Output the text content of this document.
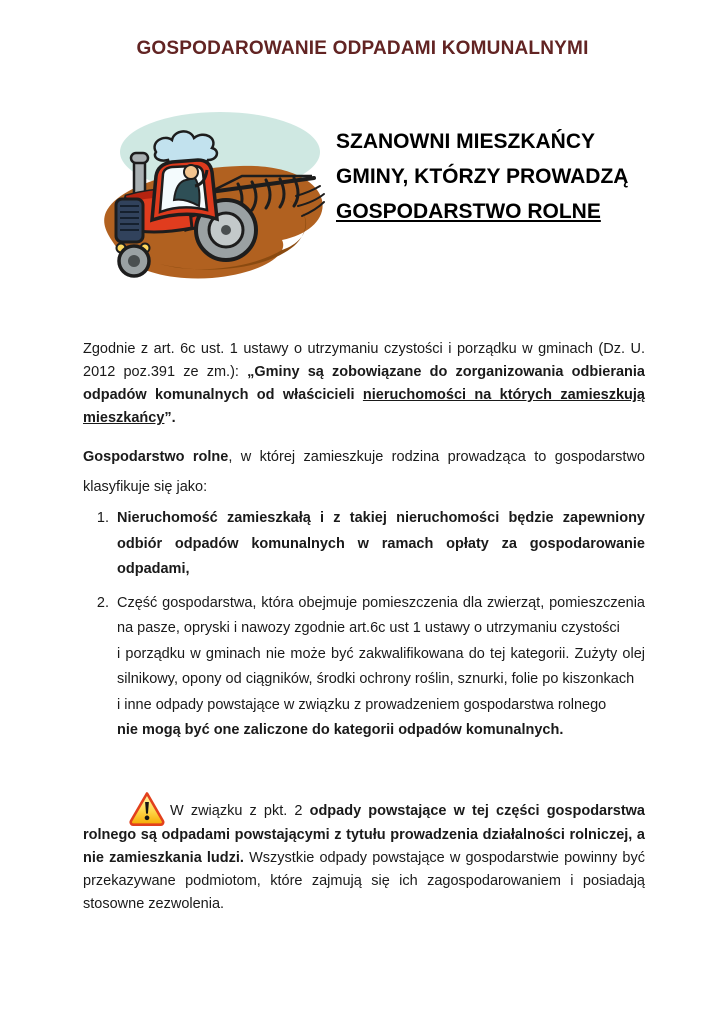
GOSPODAROWANIE ODPADAMI KOMUNALNYMI
SZANOWNI MIESZKAŃCY
GMINY, KTÓRZY PROWADZĄ
GOSPODARSTWO ROLNE

Zgodnie z art. 6c ust. 1 ustawy o utrzymaniu czystości i porządku w gminach (Dz. U. 2012 poz.391 ze zm.): „Gminy są zobowiązane do zorganizowania odbierania odpadów komunalnych od właścicieli nieruchomości na których zamieszkują mieszkańcy”.

Gospodarstwo rolne, w której zamieszkuje rodzina prowadząca to gospodarstwo klasyfikuje się jako:

1. Nieruchomość zamieszkałą i z takiej nieruchomości będzie zapewniony odbiór odpadów komunalnych w ramach opłaty za gospodarowanie odpadami,
2. Część gospodarstwa, która obejmuje pomieszczenia dla zwierząt, pomieszczenia na pasze, opryski i nawozy zgodnie art.6c ust 1 ustawy o utrzymaniu czystości
i porządku w gminach nie może być zakwalifikowana do tej kategorii. Zużyty olej silnikowy, opony od ciągników, środki ochrony roślin, sznurki, folie po kiszonkach
i inne odpady powstające w związku z prowadzeniem gospodarstwa rolnego
nie mogą być one zaliczone do kategorii odpadów komunalnych.

W związku z pkt. 2 odpady powstające w tej części gospodarstwa rolnego są odpadami powstającymi z tytułu prowadzenia działalności rolniczej, a nie zamieszkania ludzi. Wszystkie odpady powstające w gospodarstwie powinny być przekazywane podmiotom, które zajmują się ich zagospodarowaniem i posiadają stosowne zezwolenia.
